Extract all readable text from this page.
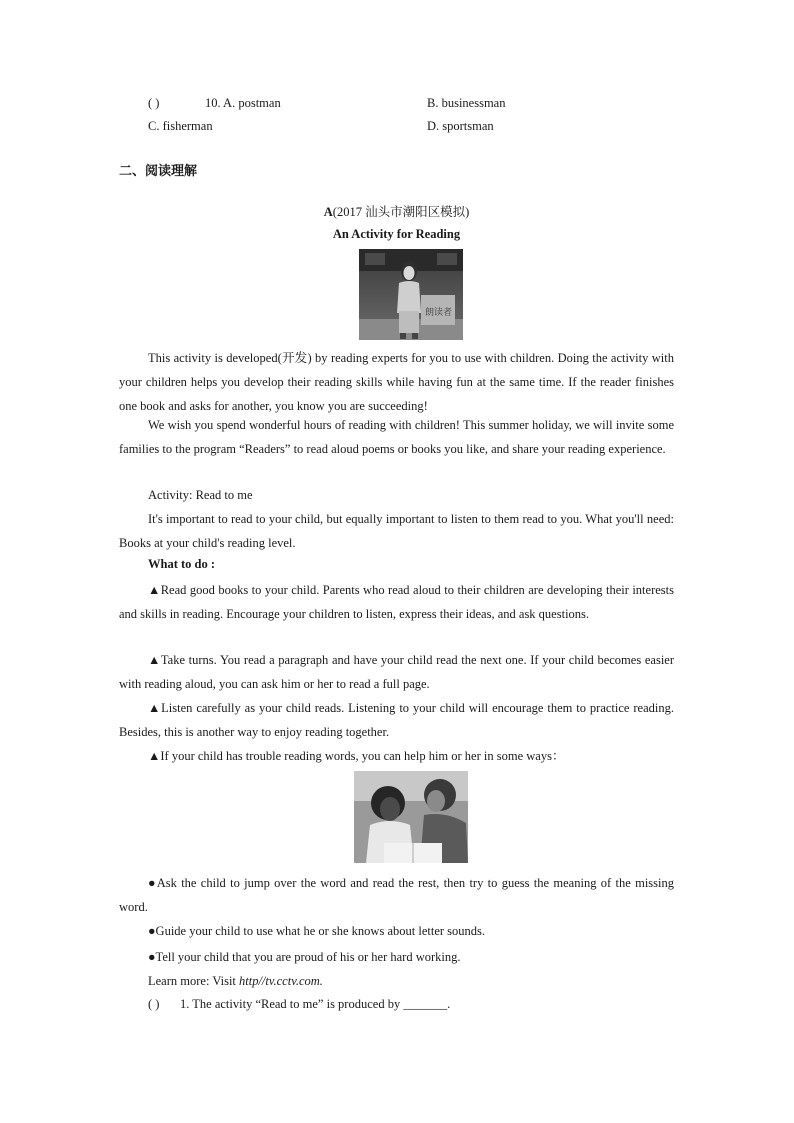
( )	10. A. postman	B. businessman
C. fisherman	D. sportsman
二、阅读理解
A(2017 汕头市潮阳区模拟)
An Activity for Reading
朗读者

This activity is developed(开发) by reading experts for you to use with children. Doing the activity with your children helps you develop their reading skills while having fun at the same time. If the reader finishes one book and asks for another, you know you are succeeding!

We wish you spend wonderful hours of reading with children! This summer holiday, we will invite some families to the program “Readers” to read aloud poems or books you like, and share your reading experience.

Activity: Read to me

It's important to read to your child, but equally important to listen to them read to you. What you'll need: Books at your child's reading level.

What to do :

▲Read good books to your child. Parents who read aloud to their children are developing their interests and skills in reading. Encourage your children to listen, express their ideas, and ask questions.

▲Take turns. You read a paragraph and have your child read the next one. If your child becomes easier with reading aloud, you can ask him or her to read a full page.

▲Listen carefully as your child reads. Listening to your child will encourage them to practice reading. Besides, this is another way to enjoy reading together.

▲If your child has trouble reading words, you can help him or her in some ways：

●Ask the child to jump over the word and read the rest, then try to guess the meaning of the missing word.

●Guide your child to use what he or she knows about letter sounds.
●Tell your child that you are proud of his or her hard working.
Learn more: Visit http//tv.cctv.com.
( ) 1. The activity “Read to me” is produced by _______.
